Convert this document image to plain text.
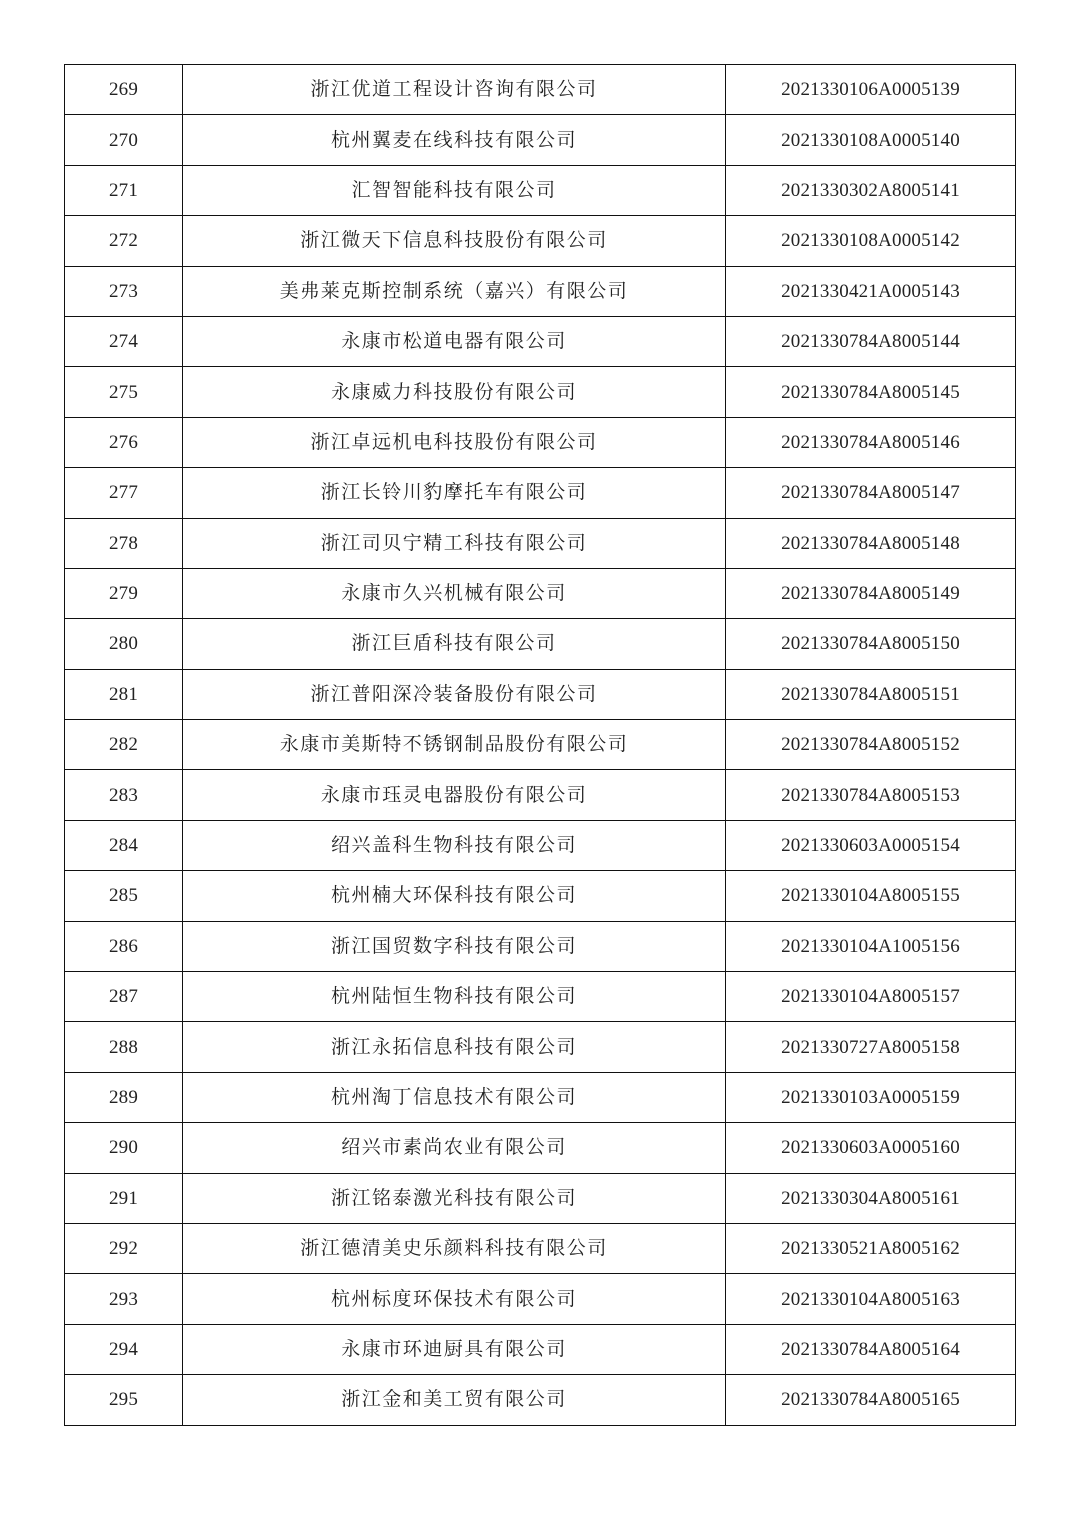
269	浙江优道工程设计咨询有限公司	2021330106A0005139
270	杭州翼麦在线科技有限公司	2021330108A0005140
271	汇智智能科技有限公司	2021330302A8005141
272	浙江微天下信息科技股份有限公司	2021330108A0005142
273	美弗莱克斯控制系统（嘉兴）有限公司	2021330421A0005143
274	永康市松道电器有限公司	2021330784A8005144
275	永康威力科技股份有限公司	2021330784A8005145
276	浙江卓远机电科技股份有限公司	2021330784A8005146
277	浙江长铃川豹摩托车有限公司	2021330784A8005147
278	浙江司贝宁精工科技有限公司	2021330784A8005148
279	永康市久兴机械有限公司	2021330784A8005149
280	浙江巨盾科技有限公司	2021330784A8005150
281	浙江普阳深冷装备股份有限公司	2021330784A8005151
282	永康市美斯特不锈钢制品股份有限公司	2021330784A8005152
283	永康市珏灵电器股份有限公司	2021330784A8005153
284	绍兴盖科生物科技有限公司	2021330603A0005154
285	杭州楠大环保科技有限公司	2021330104A8005155
286	浙江国贸数字科技有限公司	2021330104A1005156
287	杭州陆恒生物科技有限公司	2021330104A8005157
288	浙江永拓信息科技有限公司	2021330727A8005158
289	杭州淘丁信息技术有限公司	2021330103A0005159
290	绍兴市素尚农业有限公司	2021330603A0005160
291	浙江铭泰激光科技有限公司	2021330304A8005161
292	浙江德清美史乐颜料科技有限公司	2021330521A8005162
293	杭州标度环保技术有限公司	2021330104A8005163
294	永康市环迪厨具有限公司	2021330784A8005164
295	浙江金和美工贸有限公司	2021330784A8005165
